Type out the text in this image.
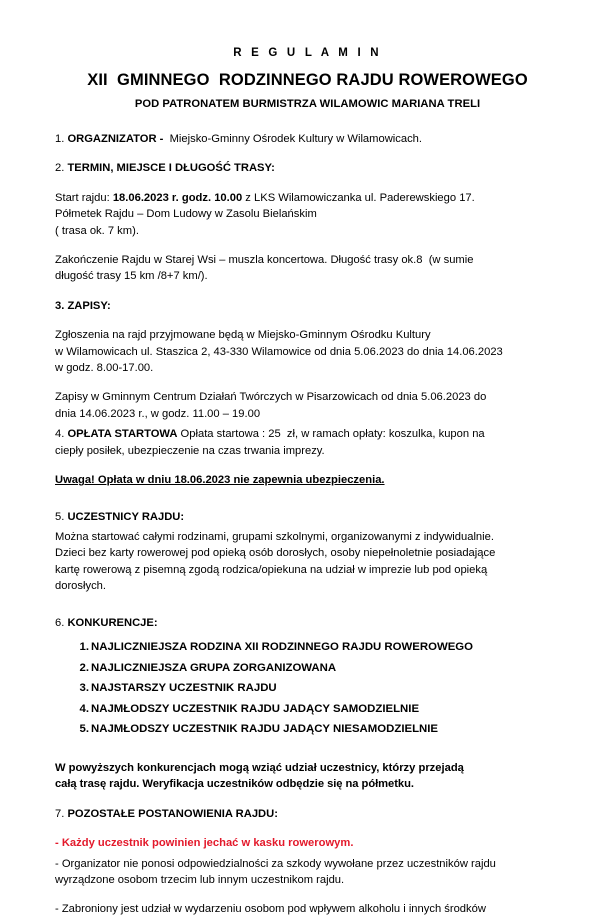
R E G U L A M I N
XII  GMINNEGO  RODZINNEGO RAJDU ROWEROWEGO
POD PATRONATEM BURMISTRZA WILAMOWIC MARIANA TRELI

1. ORGAZNIZATOR -  Miejsko-Gminny Ośrodek Kultury w Wilamowicach.

2. TERMIN, MIEJSCE I DŁUGOŚĆ TRASY:

Start rajdu: 18.06.2023 r. godz. 10.00 z LKS Wilamowiczanka ul. Paderewskiego 17.

Półmetek Rajdu – Dom Ludowy w Zasolu Bielańskim

( trasa ok. 7 km).

Zakończenie Rajdu w Starej Wsi – muszla koncertowa. Długość trasy ok.8  (w sumie

długość trasy 15 km /8+7 km/).

3. ZAPISY:

Zgłoszenia na rajd przyjmowane będą w Miejsko-Gminnym Ośrodku Kultury

w Wilamowicach ul. Staszica 2, 43-330 Wilamowice od dnia 5.06.2023 do dnia 14.06.2023

w godz. 8.00-17.00.

Zapisy w Gminnym Centrum Działań Twórczych w Pisarzowicach od dnia 5.06.2023 do

dnia 14.06.2023 r., w godz. 11.00 – 19.00

4. OPŁATA STARTOWA Opłata startowa : 25  zł, w ramach opłaty: koszulka, kupon na

ciepły posiłek, ubezpieczenie na czas trwania imprezy.

Uwaga! Opłata w dniu 18.06.2023 nie zapewnia ubezpieczenia.

5. UCZESTNICY RAJDU:

Można startować całymi rodzinami, grupami szkolnymi, organizowanymi z indywidualnie.

Dzieci bez karty rowerowej pod opieką osób dorosłych, osoby niepełnoletnie posiadające

kartę rowerową z pisemną zgodą rodzica/opiekuna na udział w imprezie lub pod opieką

dorosłych.

6. KONKURENCJE:

1 . NAJLICZNIEJSZA RODZINA XII RODZINNEGO RAJDU ROWEROWEGO
2 . NAJLICZNIEJSZA GRUPA ZORGANIZOWANA
3 . NAJSTARSZY UCZESTNIK RAJDU
4 . NAJMŁODSZY UCZESTNIK RAJDU JADĄCY SAMODZIELNIE
5 . NAJMŁODSZY UCZESTNIK RAJDU JADĄCY NIESAMODZIELNIE

W powyższych konkurencjach mogą wziąć udział uczestnicy, którzy przejadą

całą trasę rajdu. Weryfikacja uczestników odbędzie się na półmetku.

7. POZOSTAŁE POSTANOWIENIA RAJDU:

- Każdy uczestnik powinien jechać w kasku rowerowym.

- Organizator nie ponosi odpowiedzialności za szkody wywołane przez uczestników rajdu

wyrządzone osobom trzecim lub innym uczestnikom rajdu.

- Zabroniony jest udział w wydarzeniu osobom pod wpływem alkoholu i innych środków
